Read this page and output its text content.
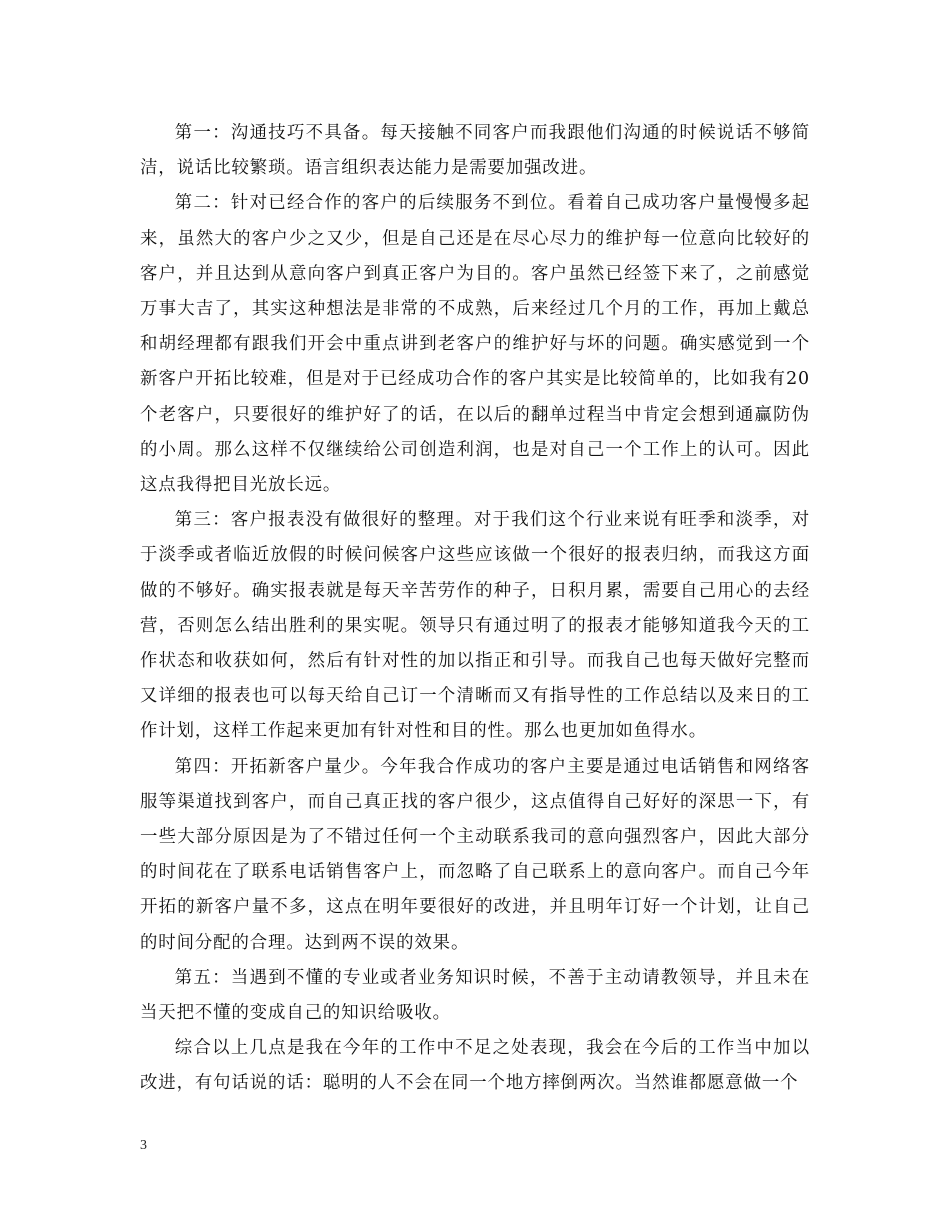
第一：沟通技巧不具备。每天接触不同客户而我跟他们沟通的时候说话不够简洁，说话比较繁琐。语言组织表达能力是需要加强改进。

第二：针对已经合作的客户的后续服务不到位。看着自己成功客户量慢慢多起来，虽然大的客户少之又少，但是自己还是在尽心尽力的维护每一位意向比较好的客户，并且达到从意向客户到真正客户为目的。客户虽然已经签下来了，之前感觉万事大吉了，其实这种想法是非常的不成熟，后来经过几个月的工作，再加上戴总和胡经理都有跟我们开会中重点讲到老客户的维护好与坏的问题。确实感觉到一个新客户开拓比较难，但是对于已经成功合作的客户其实是比较简单的，比如我有20个老客户，只要很好的维护好了的话，在以后的翻单过程当中肯定会想到通赢防伪的小周。那么这样不仅继续给公司创造利润，也是对自己一个工作上的认可。因此这点我得把目光放长远。

第三：客户报表没有做很好的整理。对于我们这个行业来说有旺季和淡季，对于淡季或者临近放假的时候问候客户这些应该做一个很好的报表归纳，而我这方面做的不够好。确实报表就是每天辛苦劳作的种子，日积月累，需要自己用心的去经营，否则怎么结出胜利的果实呢。领导只有通过明了的报表才能够知道我今天的工作状态和收获如何，然后有针对性的加以指正和引导。而我自己也每天做好完整而又详细的报表也可以每天给自己订一个清晰而又有指导性的工作总结以及来日的工作计划，这样工作起来更加有针对性和目的性。那么也更加如鱼得水。

第四：开拓新客户量少。今年我合作成功的客户主要是通过电话销售和网络客服等渠道找到客户，而自己真正找的客户很少，这点值得自己好好的深思一下，有一些大部分原因是为了不错过任何一个主动联系我司的意向强烈客户，因此大部分的时间花在了联系电话销售客户上，而忽略了自己联系上的意向客户。而自己今年开拓的新客户量不多，这点在明年要很好的改进，并且明年订好一个计划，让自己的时间分配的合理。达到两不误的效果。

第五：当遇到不懂的专业或者业务知识时候，不善于主动请教领导，并且未在当天把不懂的变成自己的知识给吸收。

综合以上几点是我在今年的工作中不足之处表现，我会在今后的工作当中加以改进，有句话说的话：聪明的人不会在同一个地方摔倒两次。当然谁都愿意做一个

3
